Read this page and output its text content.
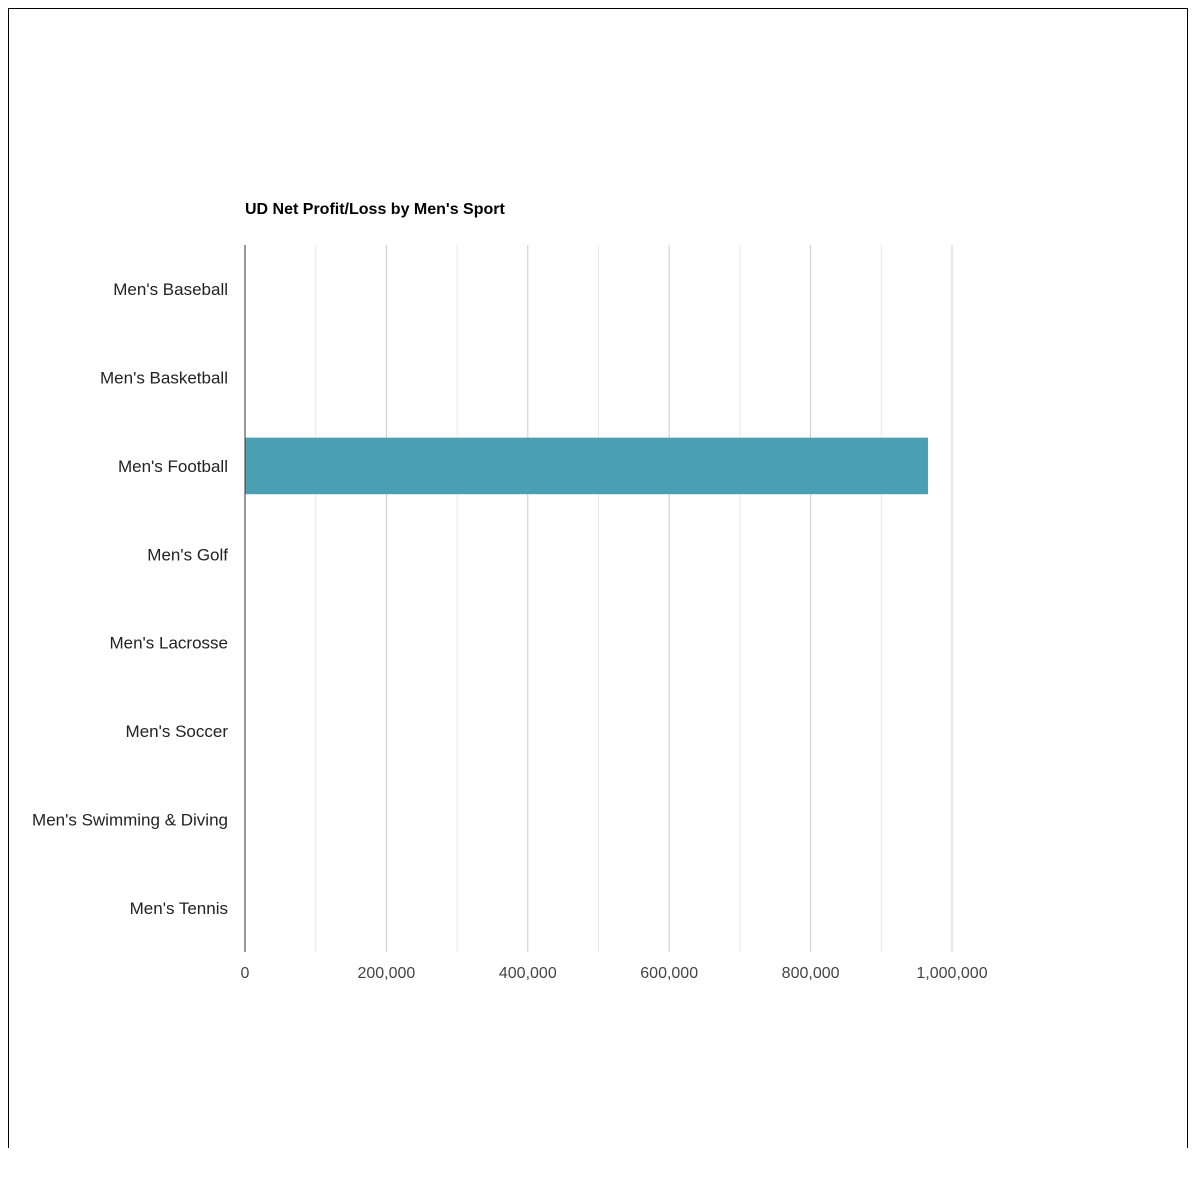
Men's Baseball
Men's Basketball
Men's Football
Men's Golf
Men's Lacrosse
Men's Soccer
Men's Swimming & Diving
Men's Tennis
0	200,000	400,000	600,000	800,000	1,000,000
UD Net Profit/Loss by Men's Sport
